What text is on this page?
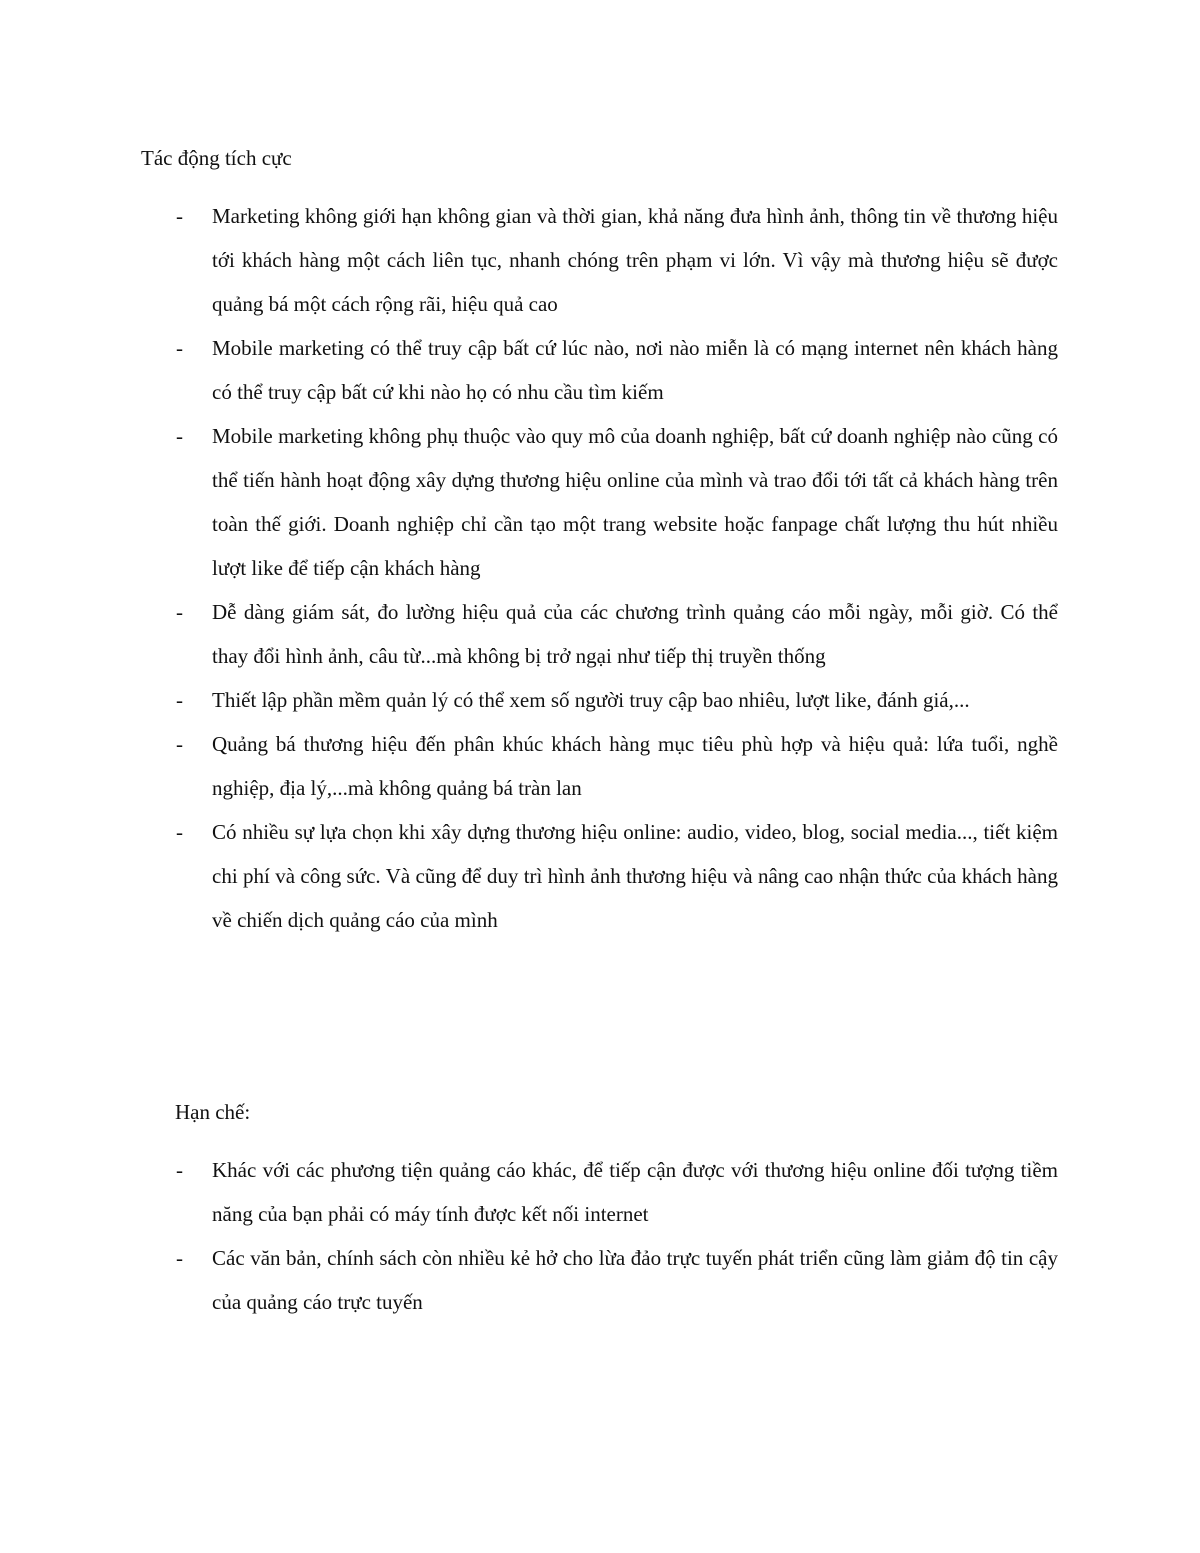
Tác động tích cực
- Marketing không giới hạn không gian và thời gian, khả năng đưa hình ảnh, thông tin về thương hiệu tới khách hàng một cách liên tục, nhanh chóng trên phạm vi lớn. Vì vậy mà thương hiệu sẽ được quảng bá một cách rộng rãi, hiệu quả cao
- Mobile marketing có thể truy cập bất cứ lúc nào, nơi nào miễn là có mạng internet nên khách hàng có thể truy cập bất cứ khi nào họ có nhu cầu tìm kiếm
- Mobile marketing không phụ thuộc vào quy mô của doanh nghiệp, bất cứ doanh nghiệp nào cũng có thể tiến hành hoạt động xây dựng thương hiệu online của mình và trao đổi tới tất cả khách hàng trên toàn thế giới. Doanh nghiệp chỉ cần tạo một trang website hoặc fanpage chất lượng thu hút nhiều lượt like để tiếp cận khách hàng
- Dễ dàng giám sát, đo lường hiệu quả của các chương trình quảng cáo mỗi ngày, mỗi giờ. Có thể thay đổi hình ảnh, câu từ...mà không bị trở ngại như tiếp thị truyền thống
- Thiết lập phần mềm quản lý có thể xem số người truy cập bao nhiêu, lượt like, đánh giá,...
- Quảng bá thương hiệu đến phân khúc khách hàng mục tiêu phù hợp và hiệu quả: lứa tuổi, nghề nghiệp, địa lý,...mà không quảng bá tràn lan
- Có nhiều sự lựa chọn khi xây dựng thương hiệu online: audio, video, blog, social media..., tiết kiệm chi phí và công sức. Và cũng để duy trì hình ảnh thương hiệu và nâng cao nhận thức của khách hàng về chiến dịch quảng cáo của mình
Hạn chế:
- Khác với các phương tiện quảng cáo khác, để tiếp cận được với thương hiệu online đối tượng tiềm năng của bạn phải có máy tính được kết nối internet
- Các văn bản, chính sách còn nhiều kẻ hở cho lừa đảo trực tuyến phát triển cũng làm giảm độ tin cậy của quảng cáo trực tuyến
